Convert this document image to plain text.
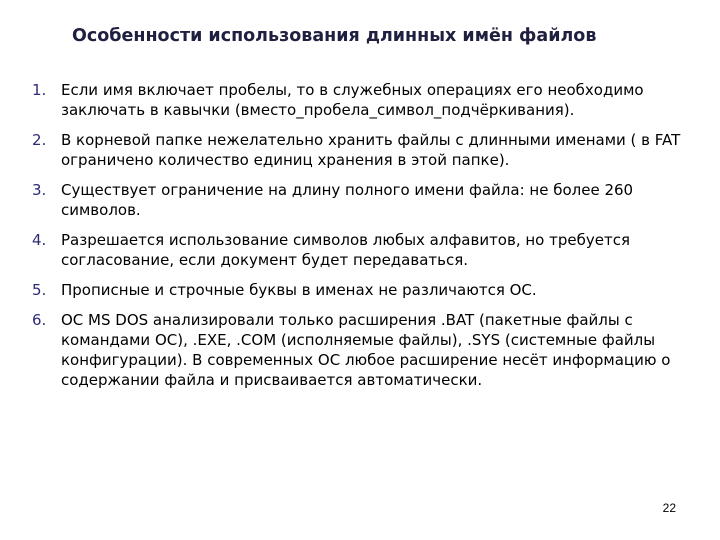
Особенности использования длинных имён файлов
1. Если имя включает пробелы, то в служебных операциях его необходимо заключать в кавычки (вместо_пробела_символ_подчёркивания).
2. В корневой папке нежелательно хранить файлы с длинными именами ( в FAT ограничено количество единиц хранения в этой папке).
3. Существует ограничение на длину полного имени файла: не более 260 символов.
4. Разрешается использование символов любых алфавитов, но требуется согласование, если документ будет передаваться.
5. Прописные и строчные буквы в именах не различаются ОС.
6. ОС MS DOS анализировали только расширения .BAT (пакетные файлы с командами ОС), .EXE, .COM (исполняемые файлы), .SYS (системные файлы конфигурации). В современных ОС любое расширение несёт информацию о содержании файла и присваивается автоматически.
22
